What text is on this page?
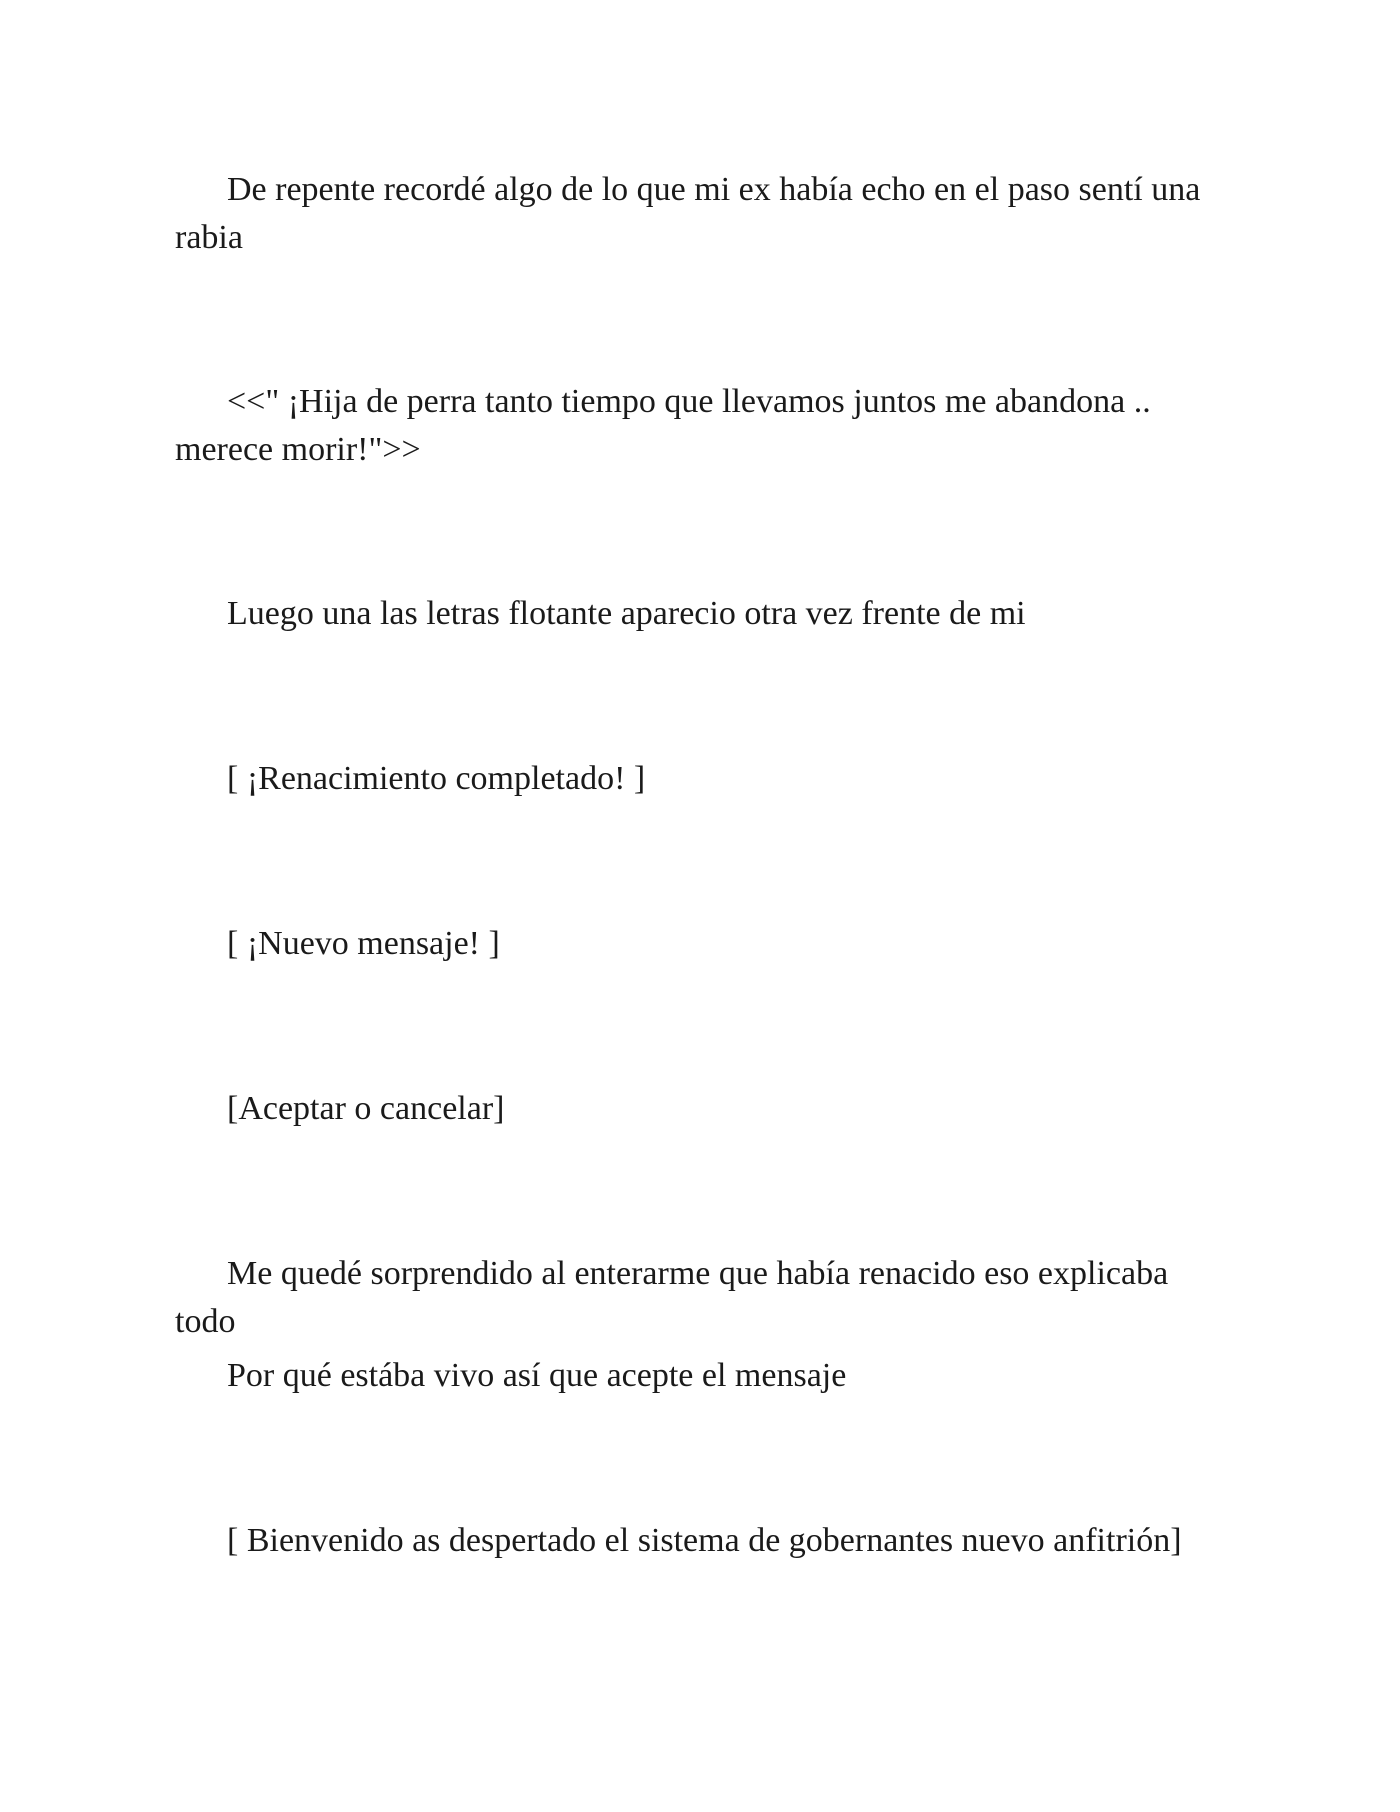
De repente recordé algo de lo que mi ex había echo en el paso sentí una rabia

<<" ¡Hija de perra tanto tiempo que llevamos juntos me abandona .. merece morir!">>

Luego una las letras flotante aparecio otra vez frente de mi

[ ¡Renacimiento completado! ]

[ ¡Nuevo mensaje! ]

[Aceptar o cancelar]

Me quedé sorprendido al enterarme que había renacido eso explicaba todo

Por qué estába vivo así que acepte el mensaje

[ Bienvenido as despertado el sistema de gobernantes nuevo anfitrión]
